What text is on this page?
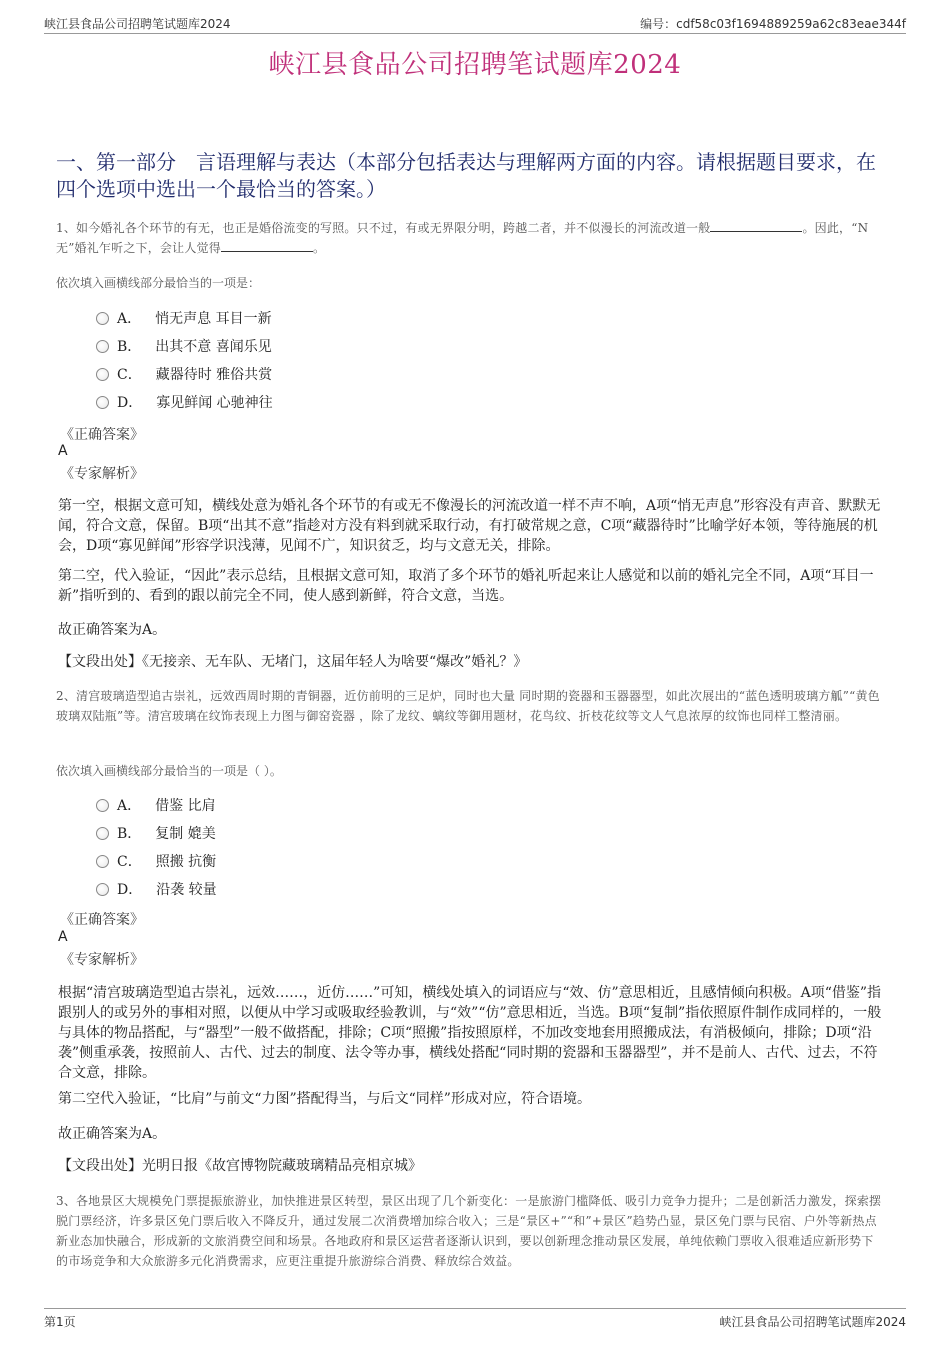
峡江县食品公司招聘笔试题库2024	编号：cdf58c03f1694889259a62c83eae344f
峡江县食品公司招聘笔试题库2024
一、第一部分　言语理解与表达（本部分包括表达与理解两方面的内容。请根据题目要求，在四个选项中选出一个最恰当的答案。）
1、如今婚礼各个环节的有无，也正是婚俗流变的写照。只不过，有或无界限分明，跨越二者，并不似漫长的河流改道一般	。因此，“N无”婚礼乍听之下，会让人觉得	。
依次填入画横线部分最恰当的一项是：
A． 悄无声息 耳目一新
B． 出其不意 喜闻乐见
C． 藏器待时 雅俗共赏
D． 寡见鲜闻 心驰神往
《正确答案》
A
《专家解析》
第一空，根据文意可知，横线处意为婚礼各个环节的有或无不像漫长的河流改道一样不声不响，A项“悄无声息”形容没有声音、默默无闻，符合文意，保留。B项“出其不意”指趁对方没有料到就采取行动，有打破常规之意，C项“藏器待时”比喻学好本领，等待施展的机会，D项“寡见鲜闻”形容学识浅薄，见闻不广，知识贫乏，均与文意无关，排除。
第二空，代入验证，“因此”表示总结，且根据文意可知，取消了多个环节的婚礼听起来让人感觉和以前的婚礼完全不同，A项“耳目一新”指听到的、看到的跟以前完全不同，使人感到新鲜，符合文意，当选。
故正确答案为A。
【文段出处】《无接亲、无车队、无堵门，这届年轻人为啥要“爆改”婚礼？》
2、清宫玻璃造型追古崇礼，远效西周时期的青铜器，近仿前明的三足炉，同时也大量 同时期的瓷器和玉器器型，如此次展出的“蓝色透明玻璃方觚”“黄色玻璃双陆瓶”等。清宫玻璃在纹饰表现上力图与御窑瓷器 ，除了龙纹、螭纹等御用题材，花鸟纹、折枝花纹等文人气息浓厚的纹饰也同样工整清丽。
依次填入画横线部分最恰当的一项是（ ）。
A． 借鉴 比肩
B． 复制 媲美
C． 照搬 抗衡
D． 沿袭 较量
《正确答案》
A
《专家解析》
根据“清宫玻璃造型追古崇礼，远效……，近仿……”可知，横线处填入的词语应与“效、仿”意思相近，且感情倾向积极。A项“借鉴”指跟别人的或另外的事相对照，以便从中学习或吸取经验教训，与“效”“仿”意思相近，当选。B项“复制”指依照原件制作成同样的，一般与具体的物品搭配，与“器型”一般不做搭配，排除；C项“照搬”指按照原样，不加改变地套用照搬成法，有消极倾向，排除；D项“沿袭”侧重承袭，按照前人、古代、过去的制度、法令等办事，横线处搭配“同时期的瓷器和玉器器型”，并不是前人、古代、过去，不符合文意，排除。
第二空代入验证，“比肩”与前文“力图”搭配得当，与后文“同样”形成对应，符合语境。
故正确答案为A。
【文段出处】光明日报《故宫博物院藏玻璃精品亮相京城》
3、各地景区大规模免门票提振旅游业，加快推进景区转型，景区出现了几个新变化：一是旅游门槛降低、吸引力竞争力提升；二是创新活力激发，探索摆脱门票经济，许多景区免门票后收入不降反升，通过发展二次消费增加综合收入；三是“景区+”“和”+景区”趋势凸显，景区免门票与民宿、户外等新热点新业态加快融合，形成新的文旅消费空间和场景。各地政府和景区运营者逐渐认识到，要以创新理念推动景区发展，单纯依赖门票收入很难适应新形势下的市场竞争和大众旅游多元化消费需求，应更注重提升旅游综合消费、释放综合效益。
第1页	峡江县食品公司招聘笔试题库2024
